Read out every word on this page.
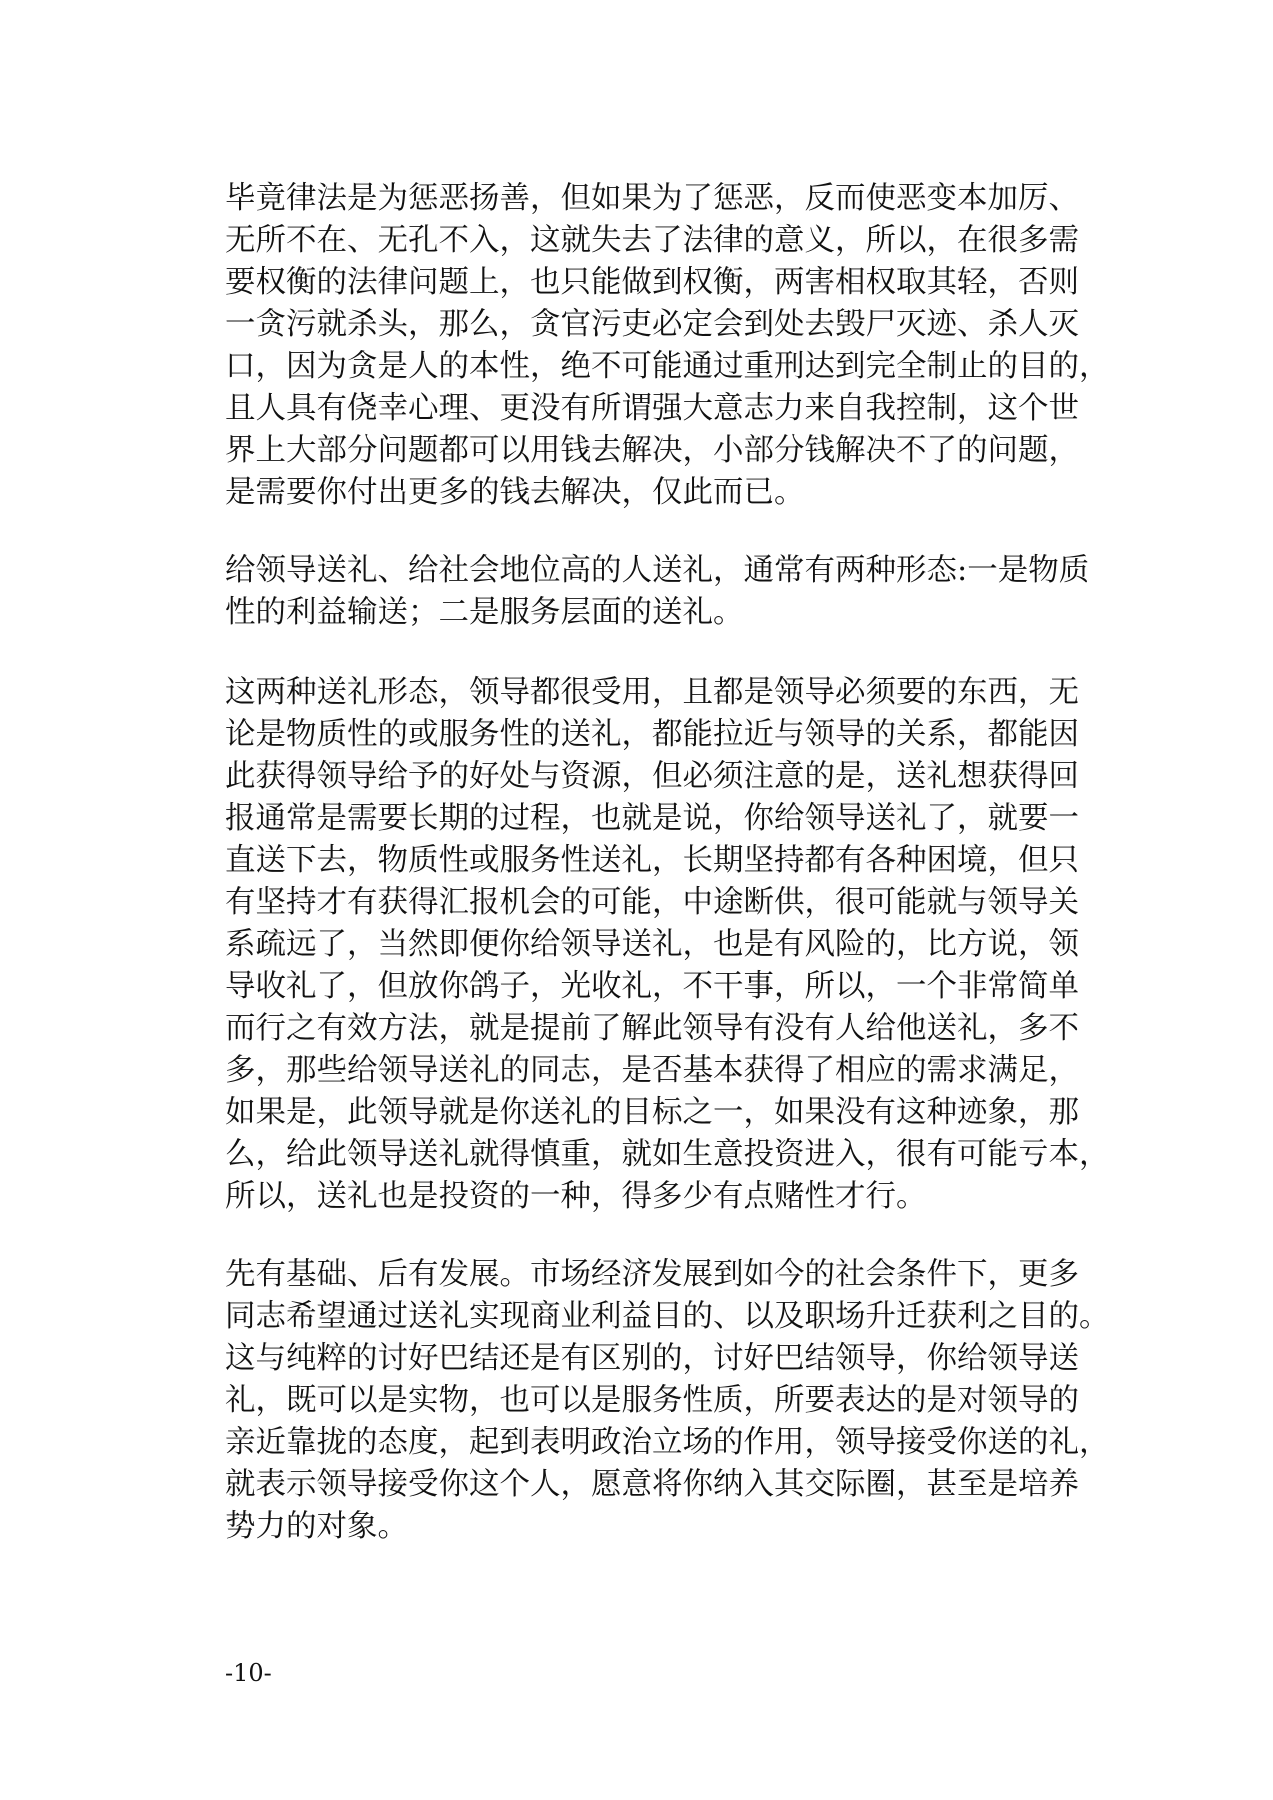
毕竟律法是为惩恶扬善，但如果为了惩恶，反而使恶变本加厉、
无所不在、无孔不入，这就失去了法律的意义，所以，在很多需
要权衡的法律问题上，也只能做到权衡，两害相权取其轻，否则
一贪污就杀头，那么，贪官污吏必定会到处去毁尸灭迹、杀人灭
口，因为贪是人的本性，绝不可能通过重刑达到完全制止的目的，
且人具有侥幸心理、更没有所谓强大意志力来自我控制，这个世
界上大部分问题都可以用钱去解决，小部分钱解决不了的问题，
是需要你付出更多的钱去解决，仅此而已。
给领导送礼、给社会地位高的人送礼，通常有两种形态:一是物质
性的利益输送；二是服务层面的送礼。
这两种送礼形态，领导都很受用，且都是领导必须要的东西，无
论是物质性的或服务性的送礼，都能拉近与领导的关系，都能因
此获得领导给予的好处与资源，但必须注意的是，送礼想获得回
报通常是需要长期的过程，也就是说，你给领导送礼了，就要一
直送下去，物质性或服务性送礼，长期坚持都有各种困境，但只
有坚持才有获得汇报机会的可能，中途断供，很可能就与领导关
系疏远了，当然即便你给领导送礼，也是有风险的，比方说，领
导收礼了，但放你鸽子，光收礼，不干事，所以，一个非常简单
而行之有效方法，就是提前了解此领导有没有人给他送礼，多不
多，那些给领导送礼的同志，是否基本获得了相应的需求满足，
如果是，此领导就是你送礼的目标之一，如果没有这种迹象，那
么，给此领导送礼就得慎重，就如生意投资进入，很有可能亏本，
所以，送礼也是投资的一种，得多少有点赌性才行。
先有基础、后有发展。市场经济发展到如今的社会条件下，更多
同志希望通过送礼实现商业利益目的、以及职场升迁获利之目的。
这与纯粹的讨好巴结还是有区别的，讨好巴结领导，你给领导送
礼，既可以是实物，也可以是服务性质，所要表达的是对领导的
亲近靠拢的态度，起到表明政治立场的作用，领导接受你送的礼，
就表示领导接受你这个人，愿意将你纳入其交际圈，甚至是培养
势力的对象。
-10-
